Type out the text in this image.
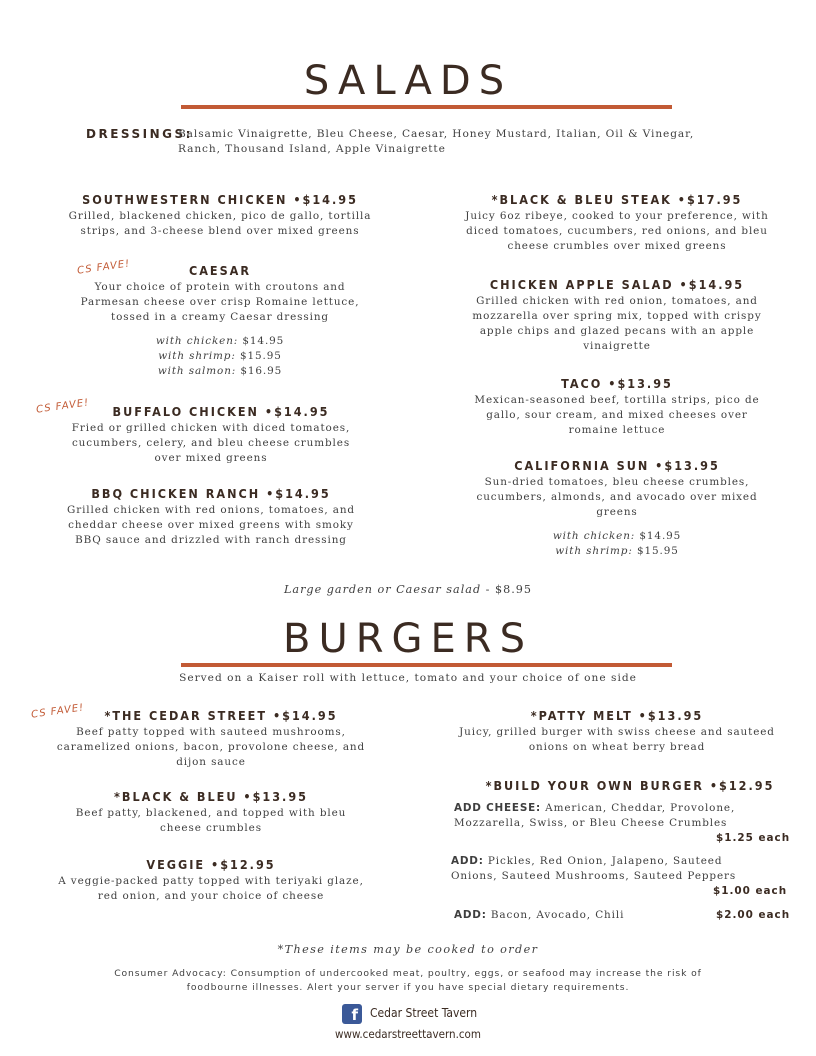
SALADS
DRESSINGS:
Balsamic Vinaigrette, Bleu Cheese, Caesar, Honey Mustard, Italian, Oil & Vinegar,
Ranch, Thousand Island, Apple Vinaigrette
SOUTHWESTERN CHICKEN •$14.95
Grilled, blackened chicken, pico de gallo, tortilla
strips, and 3-cheese blend over mixed greens
CS FAVE!	CAESAR
Your choice of protein with croutons and
Parmesan cheese over crisp Romaine lettuce,
tossed in a creamy Caesar dressing
with chicken: $14.95
with shrimp: $15.95
with salmon: $16.95
CS FAVE!	BUFFALO CHICKEN •$14.95
Fried or grilled chicken with diced tomatoes,
cucumbers, celery, and bleu cheese crumbles
over mixed greens
BBQ CHICKEN RANCH •$14.95
Grilled chicken with red onions, tomatoes, and
cheddar cheese over mixed greens with smoky
BBQ sauce and drizzled with ranch dressing
*BLACK & BLEU STEAK •$17.95
Juicy 6oz ribeye, cooked to your preference, with
diced tomatoes, cucumbers, red onions, and bleu
cheese crumbles over mixed greens
CHICKEN APPLE SALAD •$14.95
Grilled chicken with red onion, tomatoes, and
mozzarella over spring mix, topped with crispy
apple chips and glazed pecans with an apple
vinaigrette
TACO •$13.95
Mexican-seasoned beef, tortilla strips, pico de
gallo, sour cream, and mixed cheeses over
romaine lettuce
CALIFORNIA SUN •$13.95
Sun-dried tomatoes, bleu cheese crumbles,
cucumbers, almonds, and avocado over mixed
greens
with chicken: $14.95
with shrimp: $15.95
Large garden or Caesar salad - $8.95
BURGERS
Served on a Kaiser roll with lettuce, tomato and your choice of one side
CS FAVE!	*THE CEDAR STREET •$14.95
Beef patty topped with sauteed mushrooms,
caramelized onions, bacon, provolone cheese, and
dijon sauce
*BLACK & BLEU •$13.95
Beef patty, blackened, and topped with bleu
cheese crumbles
VEGGIE •$12.95
A veggie-packed patty topped with teriyaki glaze,
red onion, and your choice of cheese
*PATTY MELT •$13.95
Juicy, grilled burger with swiss cheese and sauteed
onions on wheat berry bread
*BUILD YOUR OWN BURGER •$12.95
ADD CHEESE: American, Cheddar, Provolone,
Mozzarella, Swiss, or Bleu Cheese Crumbles
$1.25 each
ADD: Pickles, Red Onion, Jalapeno, Sauteed
Onions, Sauteed Mushrooms, Sauteed Peppers
$1.00 each
ADD: Bacon, Avocado, Chili	$2.00 each
*These items may be cooked to order
Consumer Advocacy: Consumption of undercooked meat, poultry, eggs, or seafood may increase the risk of
foodbourne illnesses. Alert your server if you have special dietary requirements.
f	Cedar Street Tavern
www.cedarstreettavern.com
